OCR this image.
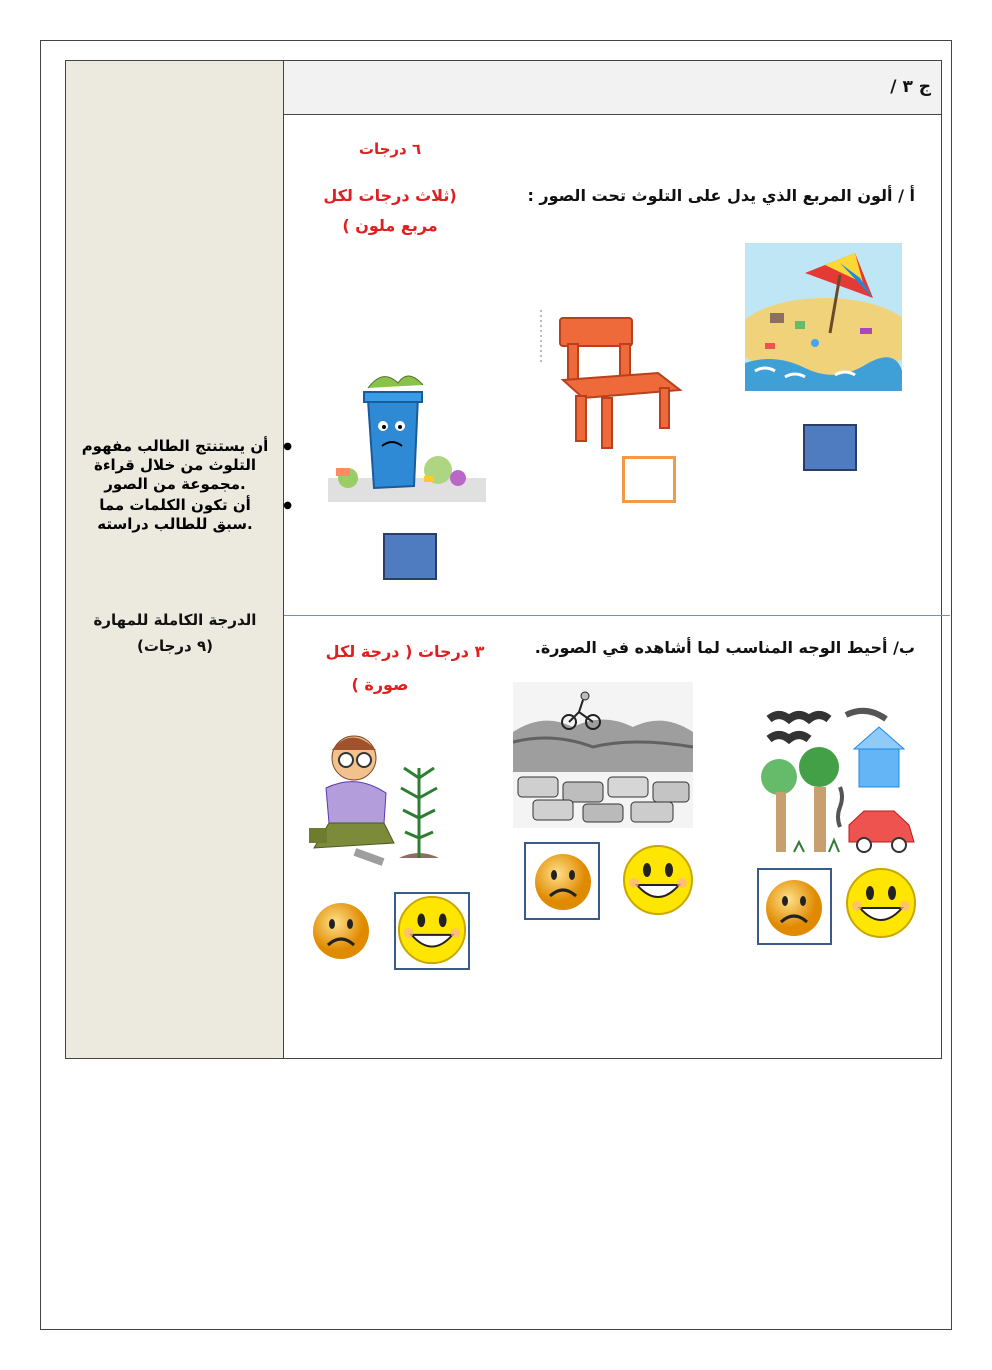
● أن يستنتج الطالب مفهوم التلوث من خلال قراءة مجموعة من الصور.
● أن تكون الكلمات مما سبق للطالب دراسته.
الدرجة الكاملة للمهارة
(٩ درجات)
ج ٣ /
٦ درجات
أ / ألون المربع الذي يدل على التلوث تحت الصور :
(ثلاث درجات لكل
مربع ملون )
ب/ أحيط الوجه المناسب لما أشاهده في الصورة.
٣ درجات ( درجة لكل
صورة )
